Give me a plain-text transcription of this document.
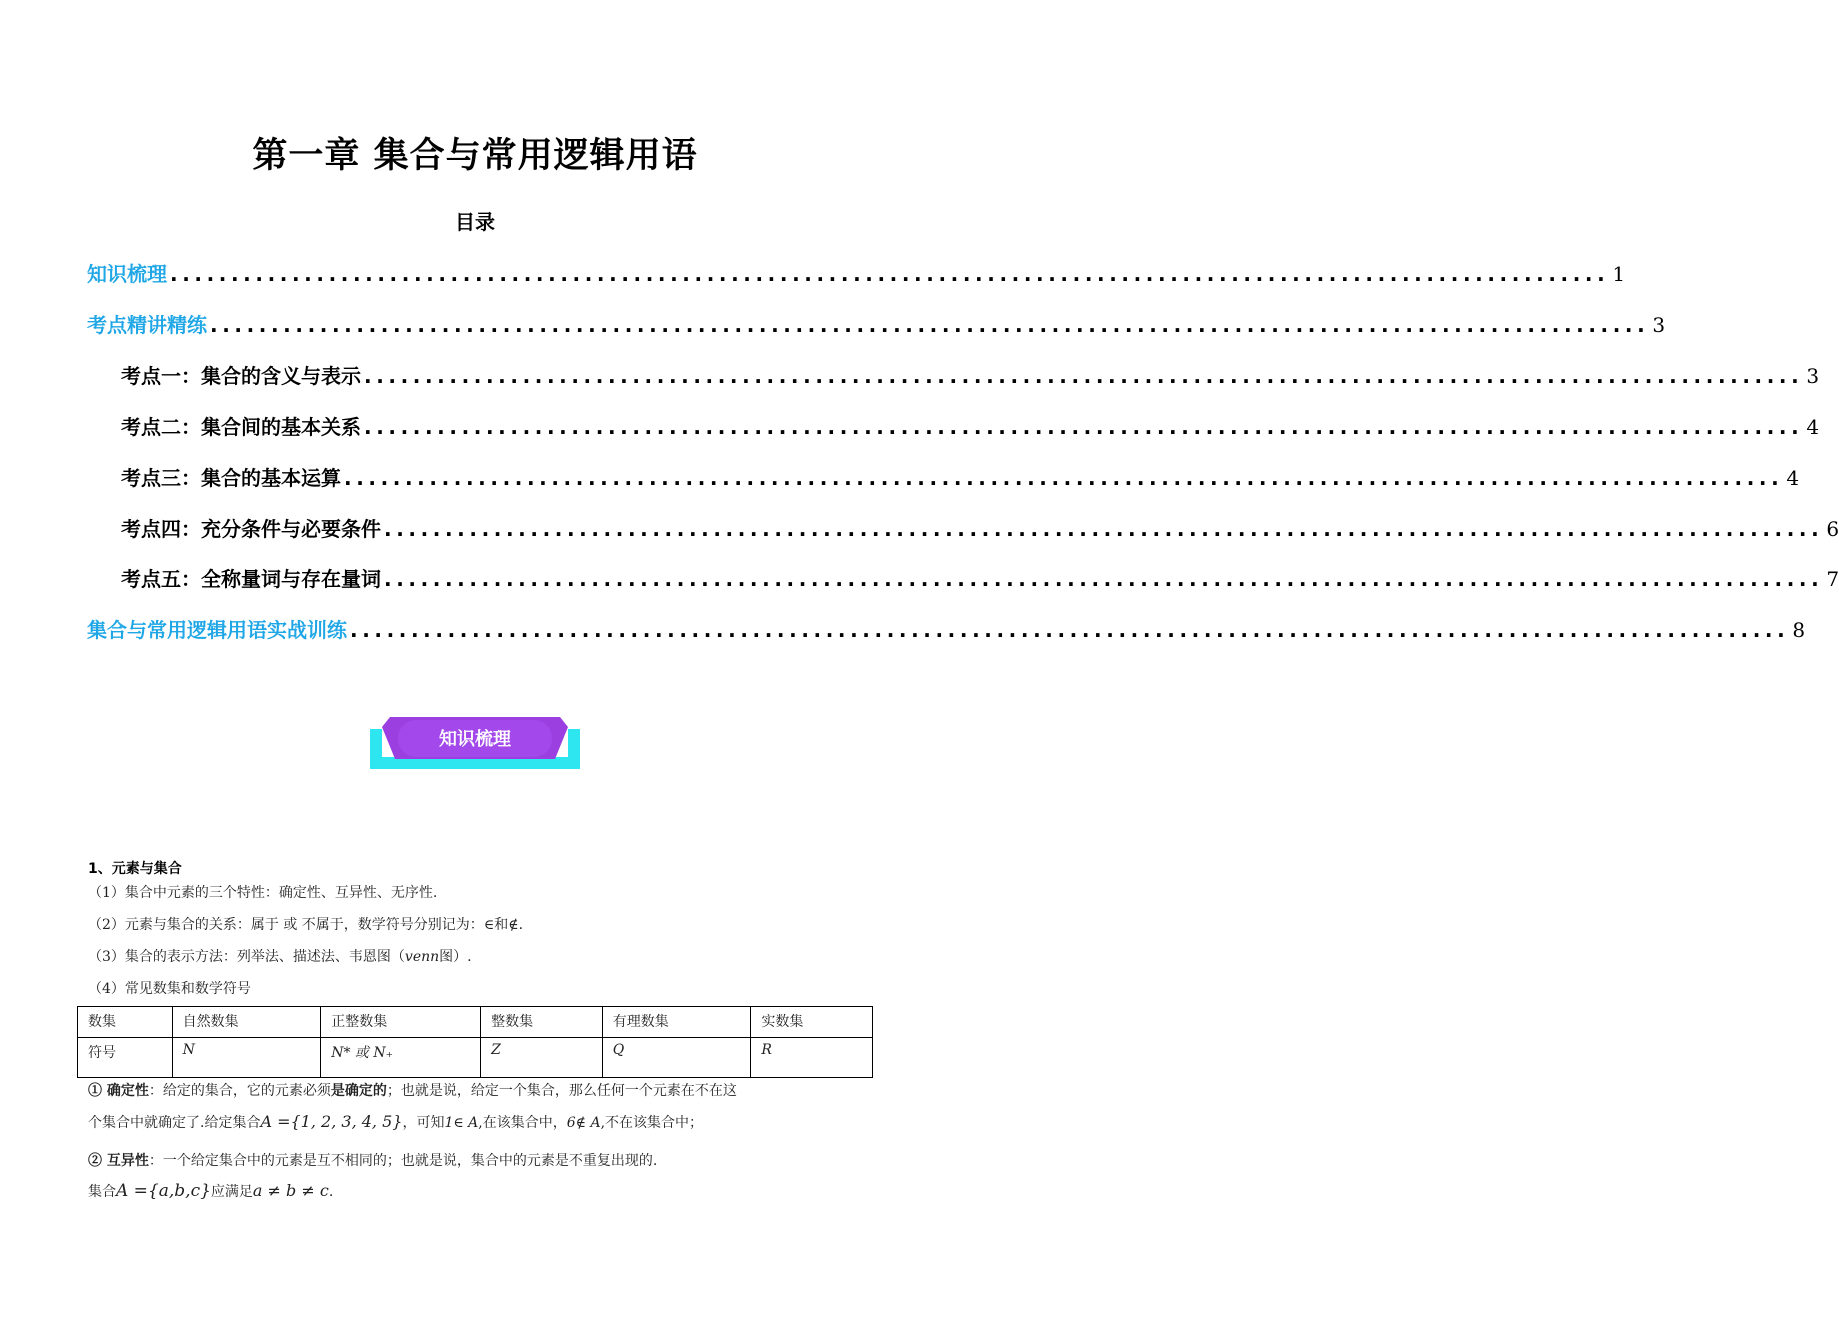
第一章 集合与常用逻辑用语
目录
知识梳理 ...................................................................................................................... 1
考点精讲精练 ...................................................................................................................... 3
考点一：集合的含义与表示 ...................................................................................................................... 3
考点二：集合间的基本关系 ...................................................................................................................... 4
考点三：集合的基本运算 ...................................................................................................................... 4
考点四：充分条件与必要条件 ...................................................................................................................... 6
考点五：全称量词与存在量词 ...................................................................................................................... 7
集合与常用逻辑用语实战训练 ...................................................................................................................... 8
知识梳理
1、元素与集合
（1）集合中元素的三个特性：确定性、互异性、无序性.
（2）元素与集合的关系：属于 或 不属于，数学符号分别记为：∈和∉.
（3）集合的表示方法：列举法、描述法、韦恩图（venn图）.
（4）常见数集和数学符号
数集	自然数集	正整数集	整数集	有理数集	实数集
符号	N	N* 或 N₊	Z	Q	R
① 确定性：给定的集合，它的元素必须是确定的；也就是说，给定一个集合，那么任何一个元素在不在这
个集合中就确定了.给定集合A ={1, 2, 3, 4, 5}，可知1∈ A,在该集合中，6∉ A,不在该集合中；
② 互异性：一个给定集合中的元素是互不相同的；也就是说，集合中的元素是不重复出现的.
集合A ={a,b,c}应满足a ≠ b ≠ c.
